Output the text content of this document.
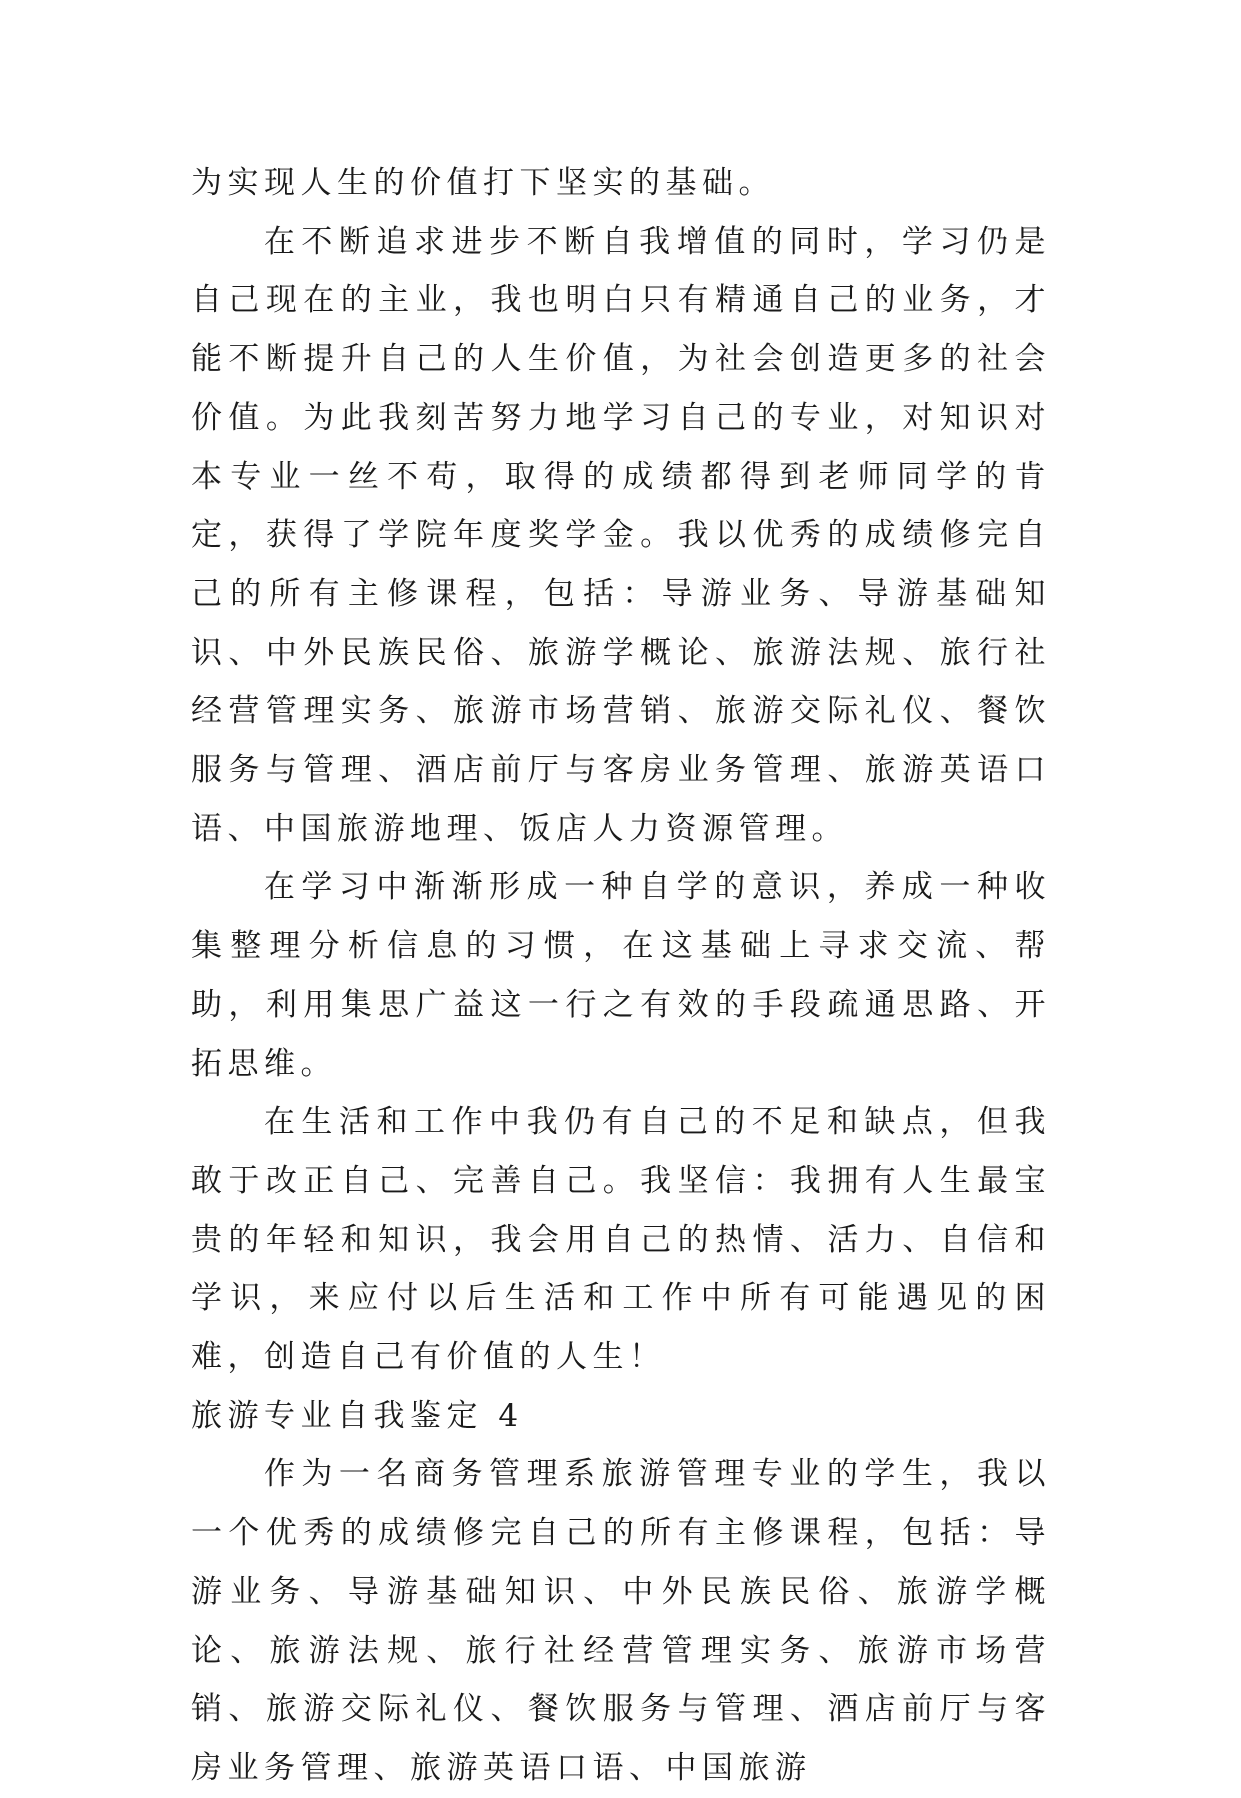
为实现人生的价值打下坚实的基础。

在不断追求进步不断自我增值的同时，学习仍是自己现在的主业，我也明白只有精通自己的业务，才能不断提升自己的人生价值，为社会创造更多的社会价值。为此我刻苦努力地学习自己的专业，对知识对本专业一丝不苟，取得的成绩都得到老师同学的肯定，获得了学院年度奖学金。我以优秀的成绩修完自己的所有主修课程，包括：导游业务、导游基础知识、中外民族民俗、旅游学概论、旅游法规、旅行社经营管理实务、旅游市场营销、旅游交际礼仪、餐饮服务与管理、酒店前厅与客房业务管理、旅游英语口语、中国旅游地理、饭店人力资源管理。

在学习中渐渐形成一种自学的意识，养成一种收集整理分析信息的习惯，在这基础上寻求交流、帮助，利用集思广益这一行之有效的手段疏通思路、开拓思维。

在生活和工作中我仍有自己的不足和缺点，但我敢于改正自己、完善自己。我坚信：我拥有人生最宝贵的年轻和知识，我会用自己的热情、活力、自信和学识，来应付以后生活和工作中所有可能遇见的困难，创造自己有价值的人生！

旅游专业自我鉴定 4

作为一名商务管理系旅游管理专业的学生，我以一个优秀的成绩修完自己的所有主修课程，包括：导游业务、导游基础知识、中外民族民俗、旅游学概论、旅游法规、旅行社经营管理实务、旅游市场营销、旅游交际礼仪、餐饮服务与管理、酒店前厅与客房业务管理、旅游英语口语、中国旅游
